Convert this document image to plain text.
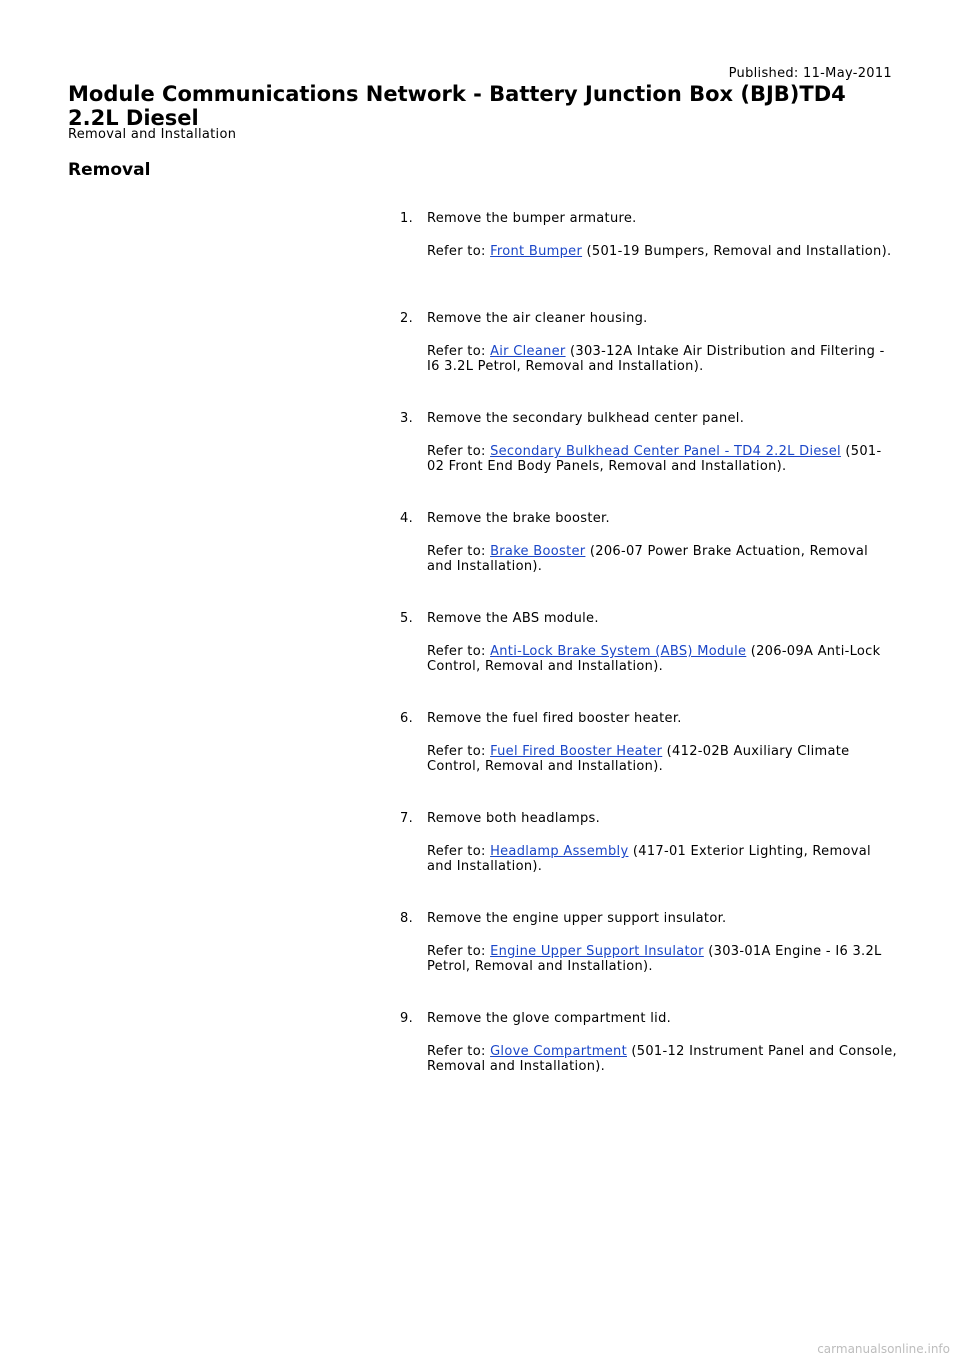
Published: 11-May-2011
Module Communications Network - Battery Junction Box (BJB)TD4 2.2L Diesel
Removal and Installation
Removal
1. Remove the bumper armature.

Refer to: Front Bumper (501-19 Bumpers, Removal and Installation).

2. Remove the air cleaner housing.

Refer to: Air Cleaner (303-12A Intake Air Distribution and Filtering - I6 3.2L Petrol, Removal and Installation).

3. Remove the secondary bulkhead center panel.

Refer to: Secondary Bulkhead Center Panel - TD4 2.2L Diesel (501-02 Front End Body Panels, Removal and Installation).

4. Remove the brake booster.

Refer to: Brake Booster (206-07 Power Brake Actuation, Removal and Installation).

5. Remove the ABS module.

Refer to: Anti-Lock Brake System (ABS) Module (206-09A Anti-Lock Control, Removal and Installation).

6. Remove the fuel fired booster heater.

Refer to: Fuel Fired Booster Heater (412-02B Auxiliary Climate Control, Removal and Installation).

7. Remove both headlamps.

Refer to: Headlamp Assembly (417-01 Exterior Lighting, Removal and Installation).

8. Remove the engine upper support insulator.

Refer to: Engine Upper Support Insulator (303-01A Engine - I6 3.2L Petrol, Removal and Installation).

9. Remove the glove compartment lid.

Refer to: Glove Compartment (501-12 Instrument Panel and Console, Removal and Installation).

carmanualsonline.info
